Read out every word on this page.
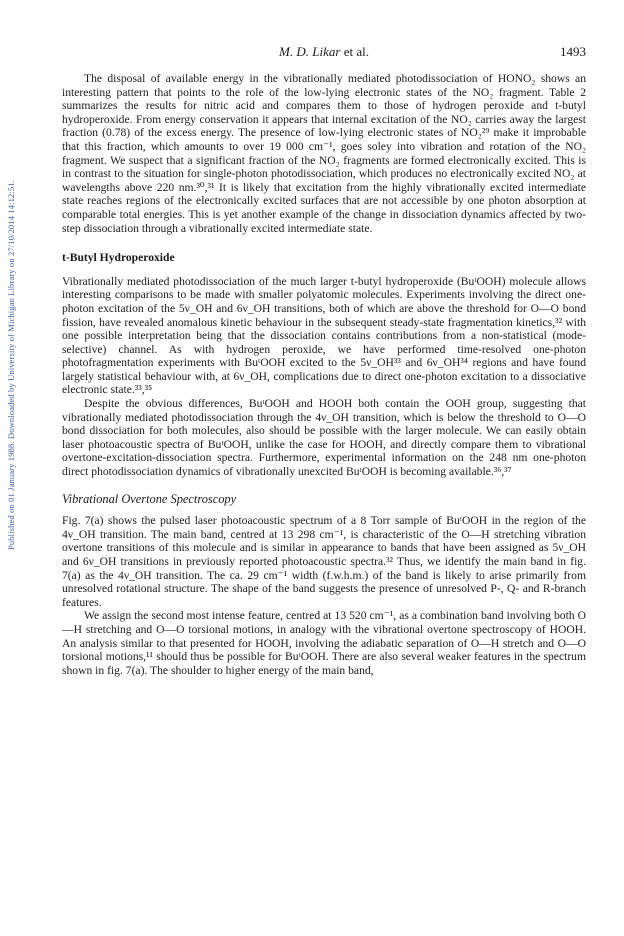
Published on 01 January 1988. Downloaded by University of Michigan Library on 27/10/2014 14:12:51.
M. D. Likar et al.	1493

The disposal of available energy in the vibrationally mediated photodissociation of HONO₂ shows an interesting pattern that points to the role of the low-lying electronic states of the NO₂ fragment. Table 2 summarizes the results for nitric acid and compares them to those of hydrogen peroxide and t-butyl hydroperoxide. From energy conservation it appears that internal excitation of the NO₂ carries away the largest fraction (0.78) of the excess energy. The presence of low-lying electronic states of NO₂²⁹ make it improbable that this fraction, which amounts to over 19 000 cm⁻¹, goes soley into vibration and rotation of the NO₂ fragment. We suspect that a significant fraction of the NO₂ fragments are formed electronically excited. This is in contrast to the situation for single-photon photodissociation, which produces no electronically excited NO₂ at wavelengths above 220 nm.³⁰,³¹ It is likely that excitation from the highly vibrationally excited intermediate state reaches regions of the electronically excited surfaces that are not accessible by one photon absorption at comparable total energies. This is yet another example of the change in dissociation dynamics affected by two-step dissociation through a vibrationally excited intermediate state.

t-Butyl Hydroperoxide

Vibrationally mediated photodissociation of the much larger t-butyl hydroperoxide (BuᵗOOH) molecule allows interesting comparisons to be made with smaller polyatomic molecules. Experiments involving the direct one-photon excitation of the 5ν_OH and 6ν_OH transitions, both of which are above the threshold for O—O bond fission, have revealed anomalous kinetic behaviour in the subsequent steady-state fragmentation kinetics,³² with one possible interpretation being that the dissociation contains contributions from a non-statistical (mode-selective) channel. As with hydrogen peroxide, we have performed time-resolved one-photon photofragmentation experiments with BuᵗOOH excited to the 5ν_OH³³ and 6ν_OH³⁴ regions and have found largely statistical behaviour with, at 6ν_OH, complications due to direct one-photon excitation to a dissociative electronic state.³³,³⁵

Despite the obvious differences, BuᵗOOH and HOOH both contain the OOH group, suggesting that vibrationally mediated photodissociation through the 4ν_OH transition, which is below the threshold to O—O bond dissociation for both molecules, also should be possible with the larger molecule. We can easily obtain laser photoacoustic spectra of BuᵗOOH, unlike the case for HOOH, and directly compare them to vibrational overtone-excitation-dissociation spectra. Furthermore, experimental information on the 248 nm one-photon direct photodissociation dynamics of vibrationally unexcited BuᵗOOH is becoming available.³⁶,³⁷

Vibrational Overtone Spectroscopy

Fig. 7(a) shows the pulsed laser photoacoustic spectrum of a 8 Torr sample of BuᵗOOH in the region of the 4ν_OH transition. The main band, centred at 13 298 cm⁻¹, is characteristic of the O—H stretching vibration overtone transitions of this molecule and is similar in appearance to bands that have been assigned as 5ν_OH and 6ν_OH transitions in previously reported photoacoustic spectra.³² Thus, we identify the main band in fig. 7(a) as the 4ν_OH transition. The ca. 29 cm⁻¹ width (f.w.h.m.) of the band is likely to arise primarily from unresolved rotational structure. The shape of the band suggests the presence of unresolved P-, Q- and R-branch features.

We assign the second most intense feature, centred at 13 520 cm⁻¹, as a combination band involving both O—H stretching and O—O torsional motions, in analogy with the vibrational overtone spectroscopy of HOOH. An analysis similar to that presented for HOOH, involving the adiabatic separation of O—H stretch and O—O torsional motions,¹¹ should thus be possible for BuᵗOOH. There are also several weaker features in the spectrum shown in fig. 7(a). The shoulder to higher energy of the main band,
